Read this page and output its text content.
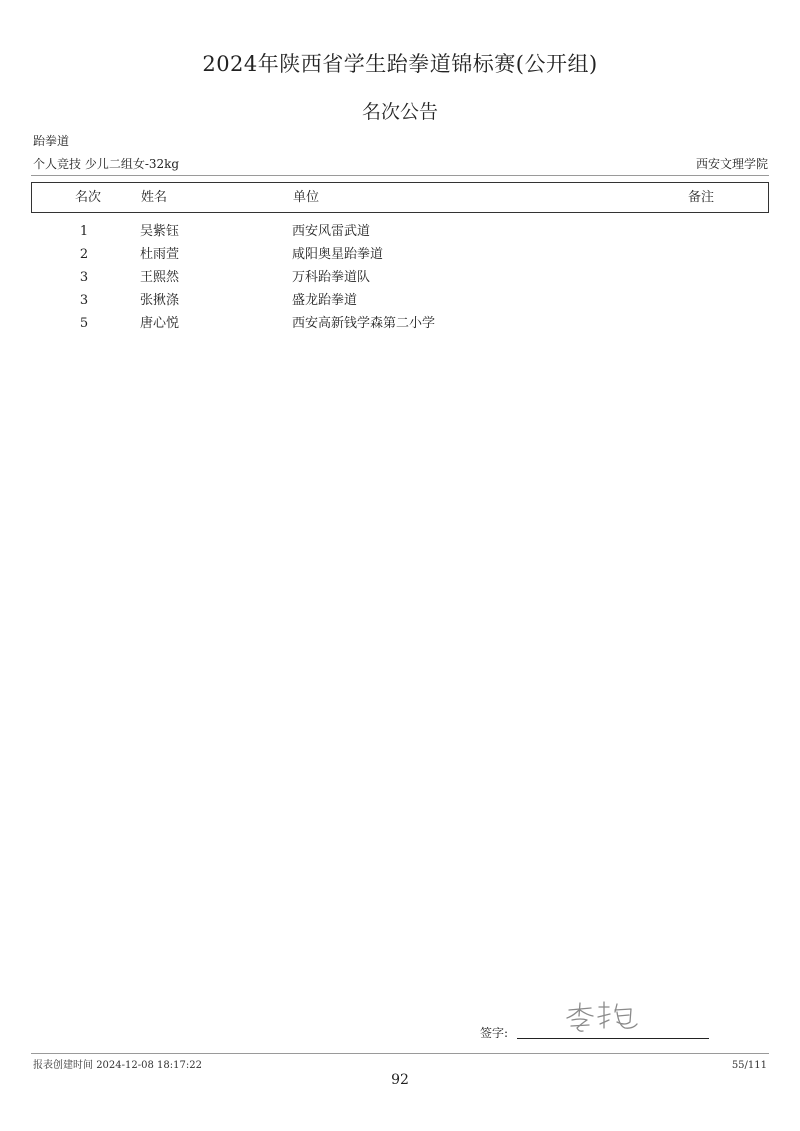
2024年陕西省学生跆拳道锦标赛(公开组)
名次公告
跆拳道
个人竞技 少儿二组女-32kg	西安文理学院
名次	姓名	单位	备注
1	吴紫钰	西安风雷武道
2	杜雨萱	咸阳奥星跆拳道
3	王熙然	万科跆拳道队
3	张揪涤	盛龙跆拳道
5	唐心悦	西安高新钱学森第二小学
签字:
报表创建时间 2024-12-08 18:17:22	55/111
92
